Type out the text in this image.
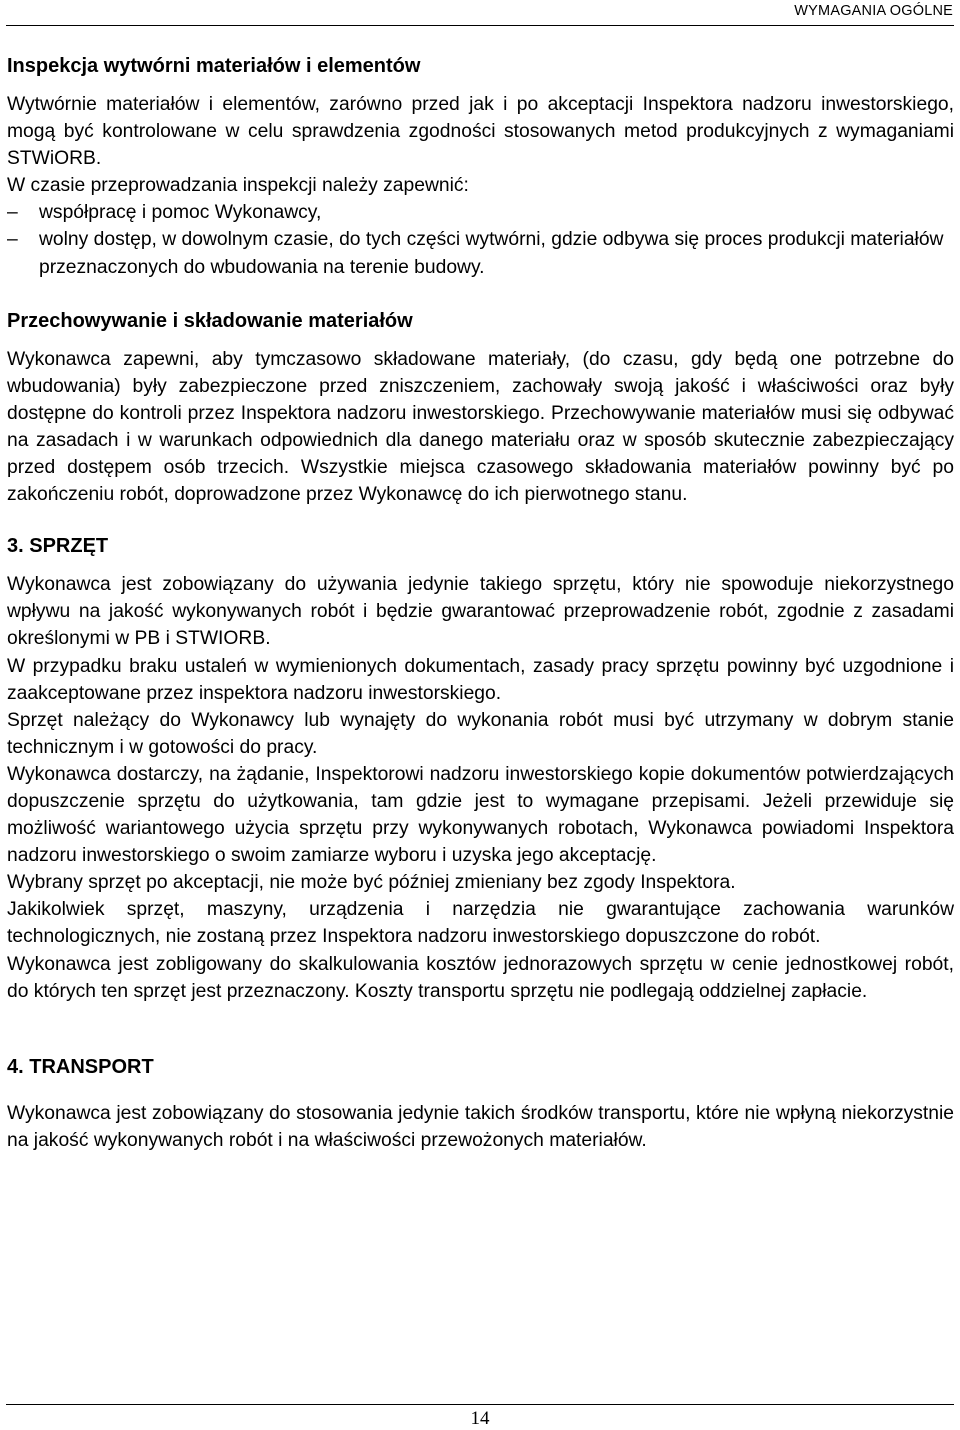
WYMAGANIA OGÓLNE
Inspekcja wytwórni materiałów i elementów

Wytwórnie materiałów i elementów, zarówno przed jak i po akceptacji Inspektora nadzoru inwestorskiego, mogą być kontrolowane w celu sprawdzenia zgodności stosowanych metod produkcyjnych z wymaganiami STWiORB.

W czasie przeprowadzania inspekcji należy zapewnić:

–	współpracę i pomoc Wykonawcy,
–	wolny dostęp, w dowolnym czasie, do tych części wytwórni, gdzie odbywa się proces produkcji materiałów przeznaczonych do wbudowania na terenie budowy.
Przechowywanie i składowanie materiałów

Wykonawca zapewni, aby tymczasowo składowane materiały, (do czasu, gdy będą one potrzebne do wbudowania) były zabezpieczone przed zniszczeniem, zachowały swoją jakość i właściwości oraz były dostępne do kontroli przez Inspektora nadzoru inwestorskiego. Przechowywanie materiałów musi się odbywać na zasadach i w warunkach odpowiednich dla danego materiału oraz w sposób skutecznie zabezpieczający przed dostępem osób trzecich. Wszystkie miejsca czasowego składowania materiałów powinny być po zakończeniu robót, doprowadzone przez Wykonawcę do ich pierwotnego stanu.

3. SPRZĘT

Wykonawca jest zobowiązany do używania jedynie takiego sprzętu, który nie spowoduje niekorzystnego wpływu na jakość wykonywanych robót i będzie gwarantować przeprowadzenie robót, zgodnie z zasadami określonymi w PB i STWIORB.

W przypadku braku ustaleń w wymienionych dokumentach, zasady pracy sprzętu powinny być uzgodnione i zaakceptowane przez inspektora nadzoru inwestorskiego.

Sprzęt należący do Wykonawcy lub wynajęty do wykonania robót musi być utrzymany w dobrym stanie technicznym i w gotowości do pracy.

Wykonawca dostarczy, na żądanie, Inspektorowi nadzoru inwestorskiego kopie dokumentów potwierdzających dopuszczenie sprzętu do użytkowania, tam gdzie jest to wymagane przepisami. Jeżeli przewiduje się możliwość wariantowego użycia sprzętu przy wykonywanych robotach, Wykonawca powiadomi Inspektora nadzoru inwestorskiego o swoim zamiarze wyboru i uzyska jego akceptację.

Wybrany sprzęt po akceptacji, nie może być później zmieniany bez zgody Inspektora.

Jakikolwiek sprzęt, maszyny, urządzenia i narzędzia nie gwarantujące zachowania warunków technologicznych, nie zostaną przez Inspektora nadzoru inwestorskiego dopuszczone do robót.

Wykonawca jest zobligowany do skalkulowania kosztów jednorazowych sprzętu w cenie jednostkowej robót, do których ten sprzęt jest przeznaczony. Koszty transportu sprzętu nie podlegają oddzielnej zapłacie.

4. TRANSPORT

Wykonawca jest zobowiązany do stosowania jedynie takich środków transportu, które nie wpłyną niekorzystnie na jakość wykonywanych robót i na właściwości przewożonych materiałów.

14
